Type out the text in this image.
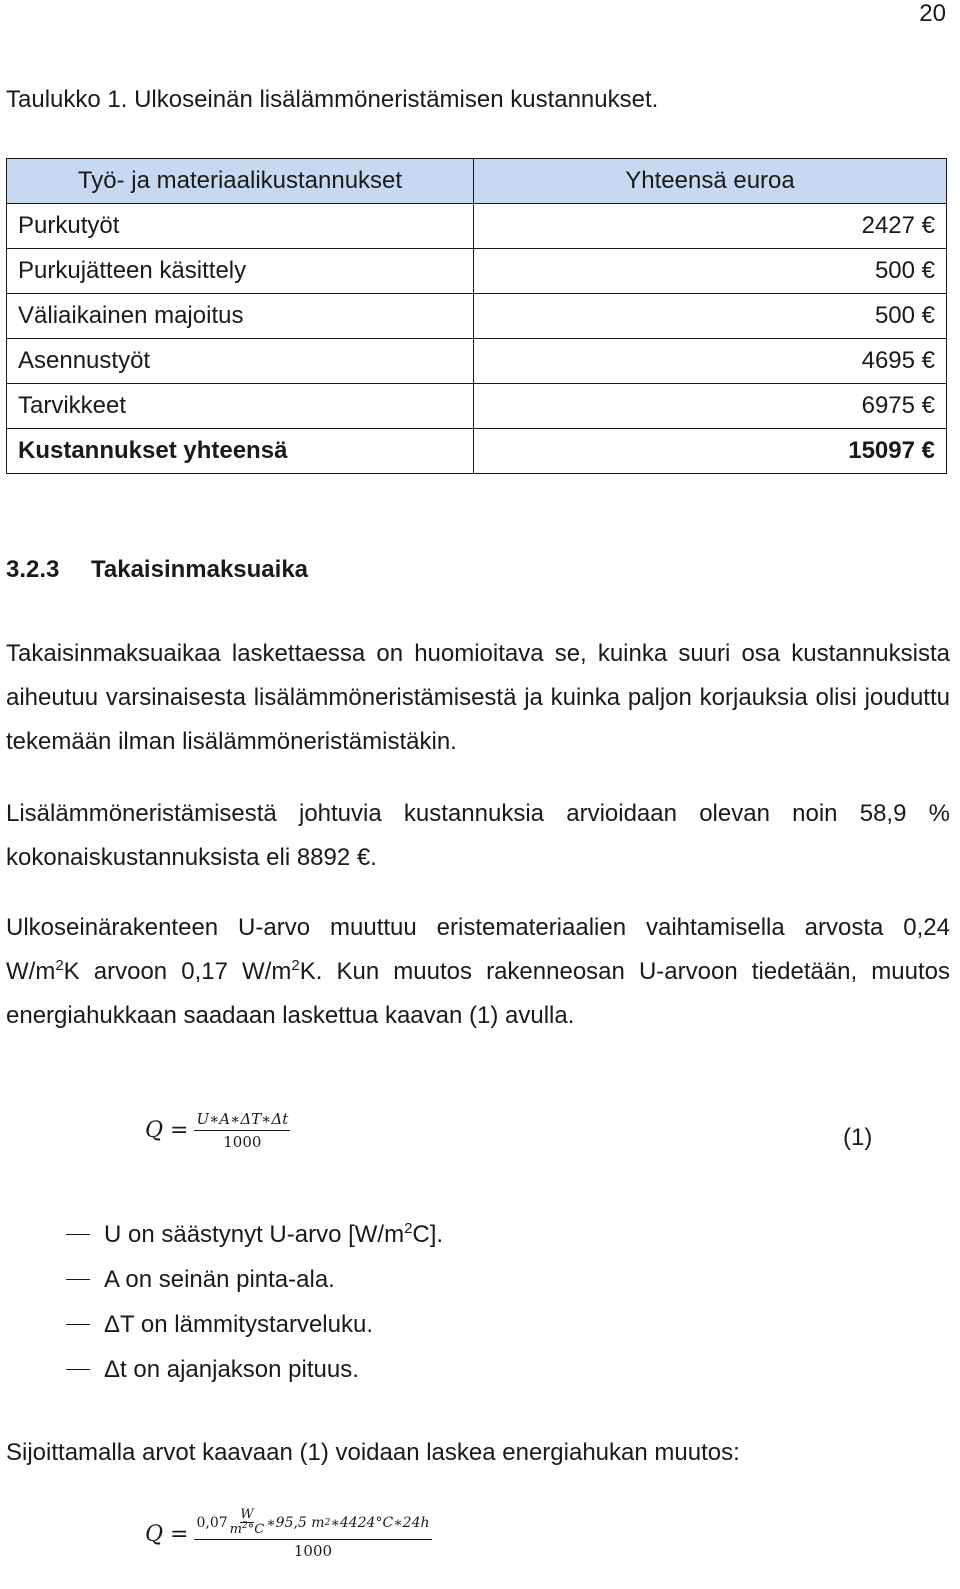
20
Taulukko 1. Ulkoseinän lisälämmöneristämisen kustannukset.
Työ- ja materiaalikustannukset	Yhteensä euroa
Purkutyöt	2427 €
Purkujätteen käsittely	500 €
Väliaikainen majoitus	500 €
Asennustyöt	4695 €
Tarvikkeet	6975 €
Kustannukset yhteensä	15097 €
3.2.3 Takaisinmaksuaika

Takaisinmaksuaikaa laskettaessa on huomioitava se, kuinka suuri osa kustannuksista aiheutuu varsinaisesta lisälämmöneristämisestä ja kuinka paljon korjauksia olisi jouduttu tekemään ilman lisälämmöneristämistäkin.

Lisälämmöneristämisestä johtuvia kustannuksia arvioidaan olevan noin 58,9 % kokonaiskustannuksista eli 8892 €.

Ulkoseinärakenteen U-arvo muuttuu eristemateriaalien vaihtamisella arvosta 0,24 $W/m^2K$ arvoon 0,17 $W/m^2K$. Kun muutos rakenneosan U-arvoon tiedetään, muutos energiahukkaan saadaan laskettua kaavan (1) avulla.

$Q = \frac{U∗A∗\Delta T∗\Delta t}{1000}$	(1)
U on säästynyt U-arvo $[W/m^2C]$.
A on seinän pinta-ala.
ΔT on lämmitystarveluku.
Δt on ajanjakson pituus.

Sijoittamalla arvot kaavaan (1) voidaan laskea energiahukan muutos:

$Q = 0,07 \frac{W}{m^2^\circ C}$ ∗95,5 m 2 ∗4424°C∗24h
1000
